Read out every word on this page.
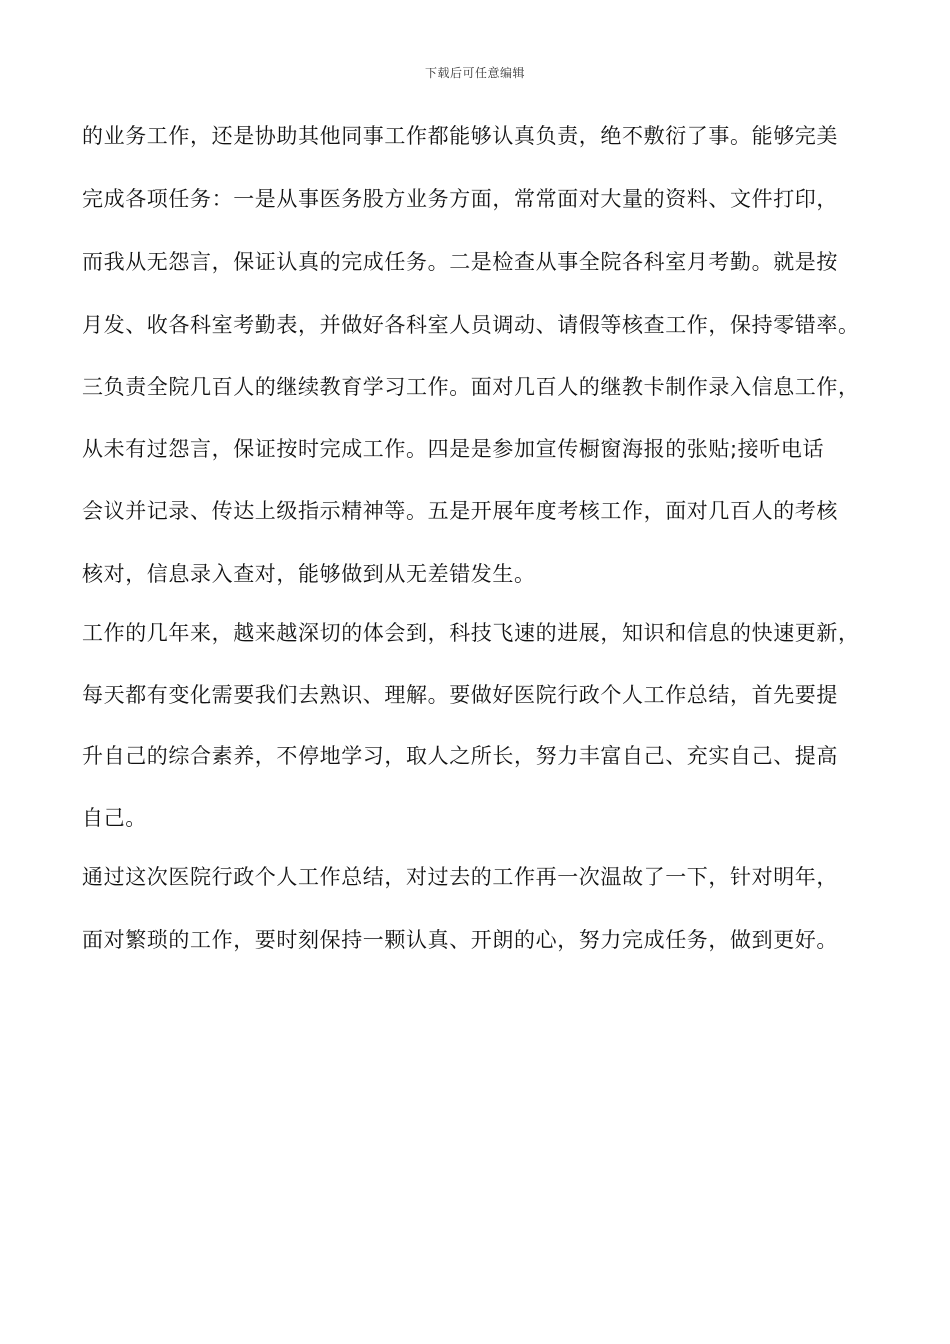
下载后可任意编辑
的业务工作，还是协助其他同事工作都能够认真负责，绝不敷衍了事。能够完美
完成各项任务：一是从事医务股方业务方面，常常面对大量的资料、文件打印，
而我从无怨言，保证认真的完成任务。二是检查从事全院各科室月考勤。就是按
月发、收各科室考勤表，并做好各科室人员调动、请假等核查工作，保持零错率。
三负责全院几百人的继续教育学习工作。面对几百人的继教卡制作录入信息工作，
从未有过怨言，保证按时完成工作。四是是参加宣传橱窗海报的张贴;接听电话
会议并记录、传达上级指示精神等。五是开展年度考核工作，面对几百人的考核
核对，信息录入查对，能够做到从无差错发生。
工作的几年来，越来越深切的体会到，科技飞速的进展，知识和信息的快速更新，
每天都有变化需要我们去熟识、理解。要做好医院行政个人工作总结，首先要提
升自己的综合素养，不停地学习，取人之所长，努力丰富自己、充实自己、提高
自己。
通过这次医院行政个人工作总结，对过去的工作再一次温故了一下，针对明年，
面对繁琐的工作，要时刻保持一颗认真、开朗的心，努力完成任务，做到更好。
